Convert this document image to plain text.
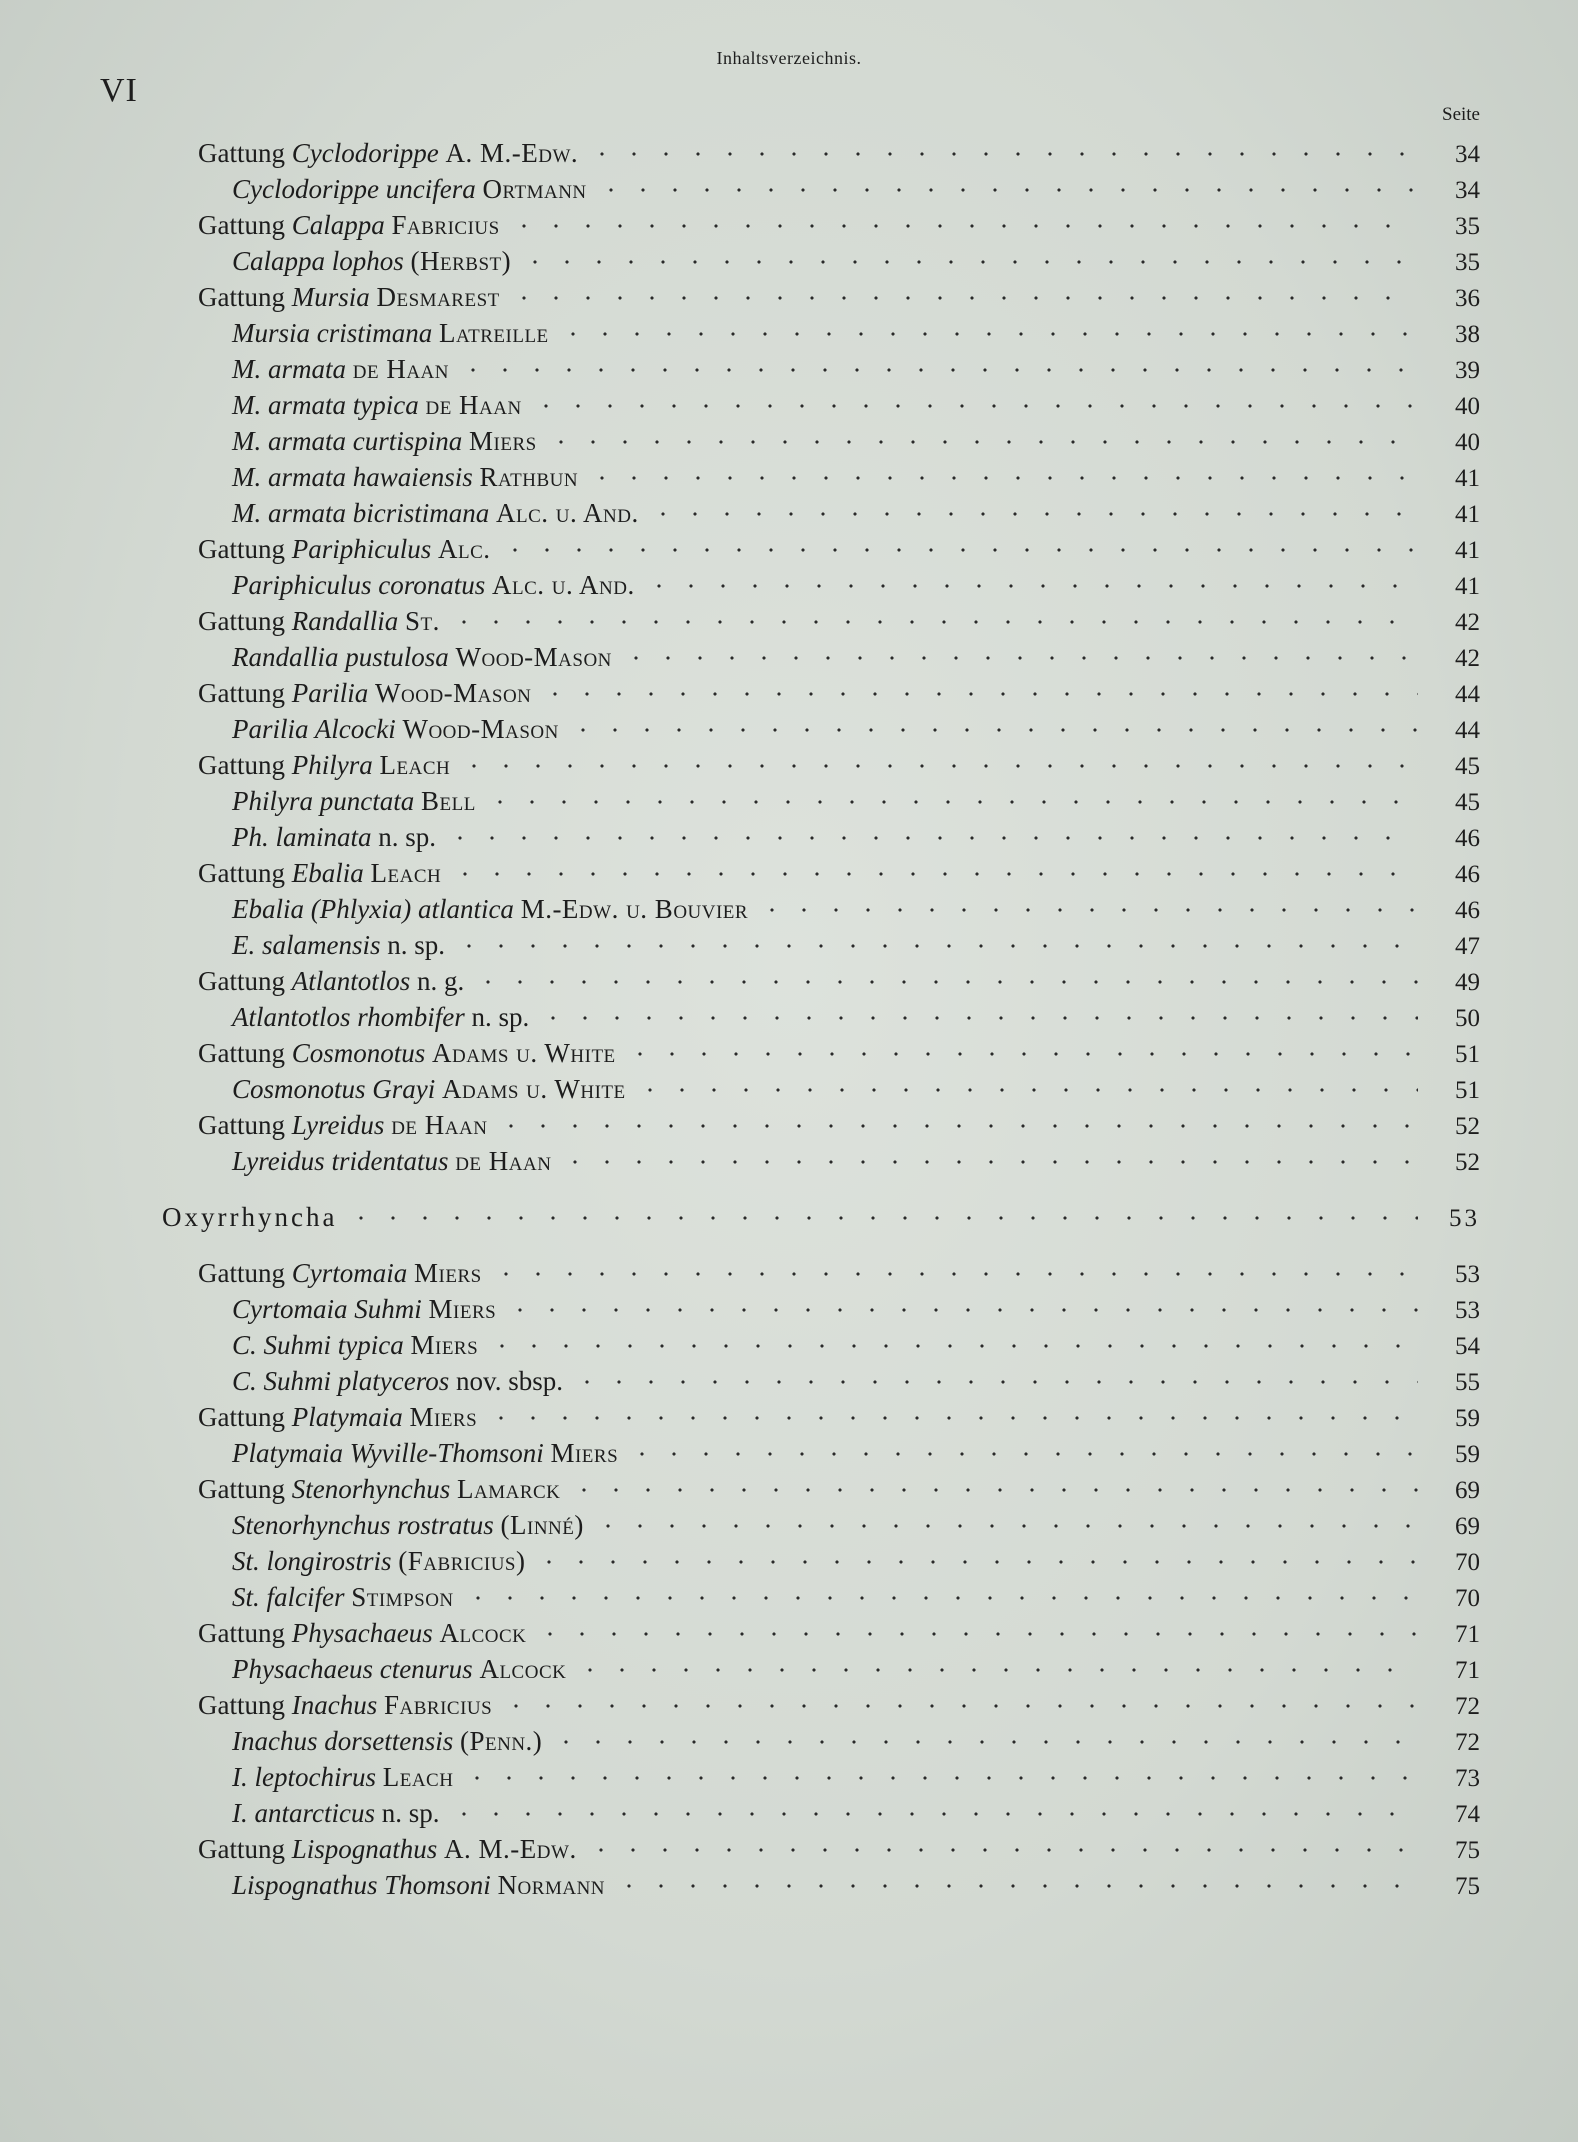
VI
Inhaltsverzeichnis.
Seite
Gattung Cyclodorippe A. M.-Edw.	34
Cyclodorippe uncifera Ortmann	34
Gattung Calappa Fabricius	35
Calappa lophos (Herbst)	35
Gattung Mursia Desmarest	36
Mursia cristimana Latreille	38
M. armata de Haan	39
M. armata typica de Haan	40
M. armata curtispina Miers	40
M. armata hawaiensis Rathbun	41
M. armata bicristimana Alc. u. And.	41
Gattung Pariphiculus Alc.	41
Pariphiculus coronatus Alc. u. And.	41
Gattung Randallia St.	42
Randallia pustulosa Wood-Mason	42
Gattung Parilia Wood-Mason	44
Parilia Alcocki Wood-Mason	44
Gattung Philyra Leach	45
Philyra punctata Bell	45
Ph. laminata n. sp.	46
Gattung Ebalia Leach	46
Ebalia (Phlyxia) atlantica M.-Edw. u. Bouvier	46
E. salamensis n. sp.	47
Gattung Atlantotlos n. g.	49
Atlantotlos rhombifer n. sp.	50
Gattung Cosmonotus Adams u. White	51
Cosmonotus Grayi Adams u. White	51
Gattung Lyreidus de Haan	52
Lyreidus tridentatus de Haan	52
Oxyrrhyncha	53
Gattung Cyrtomaia Miers	53
Cyrtomaia Suhmi Miers	53
C. Suhmi typica Miers	54
C. Suhmi platyceros nov. sbsp.	55
Gattung Platymaia Miers	59
Platymaia Wyville-Thomsoni Miers	59
Gattung Stenorhynchus Lamarck	69
Stenorhynchus rostratus (Linné)	69
St. longirostris (Fabricius)	70
St. falcifer Stimpson	70
Gattung Physachaeus Alcock	71
Physachaeus ctenurus Alcock	71
Gattung Inachus Fabricius	72
Inachus dorsettensis (Penn.)	72
I. leptochirus Leach	73
I. antarcticus n. sp.	74
Gattung Lispognathus A. M.-Edw.	75
Lispognathus Thomsoni Normann	75
